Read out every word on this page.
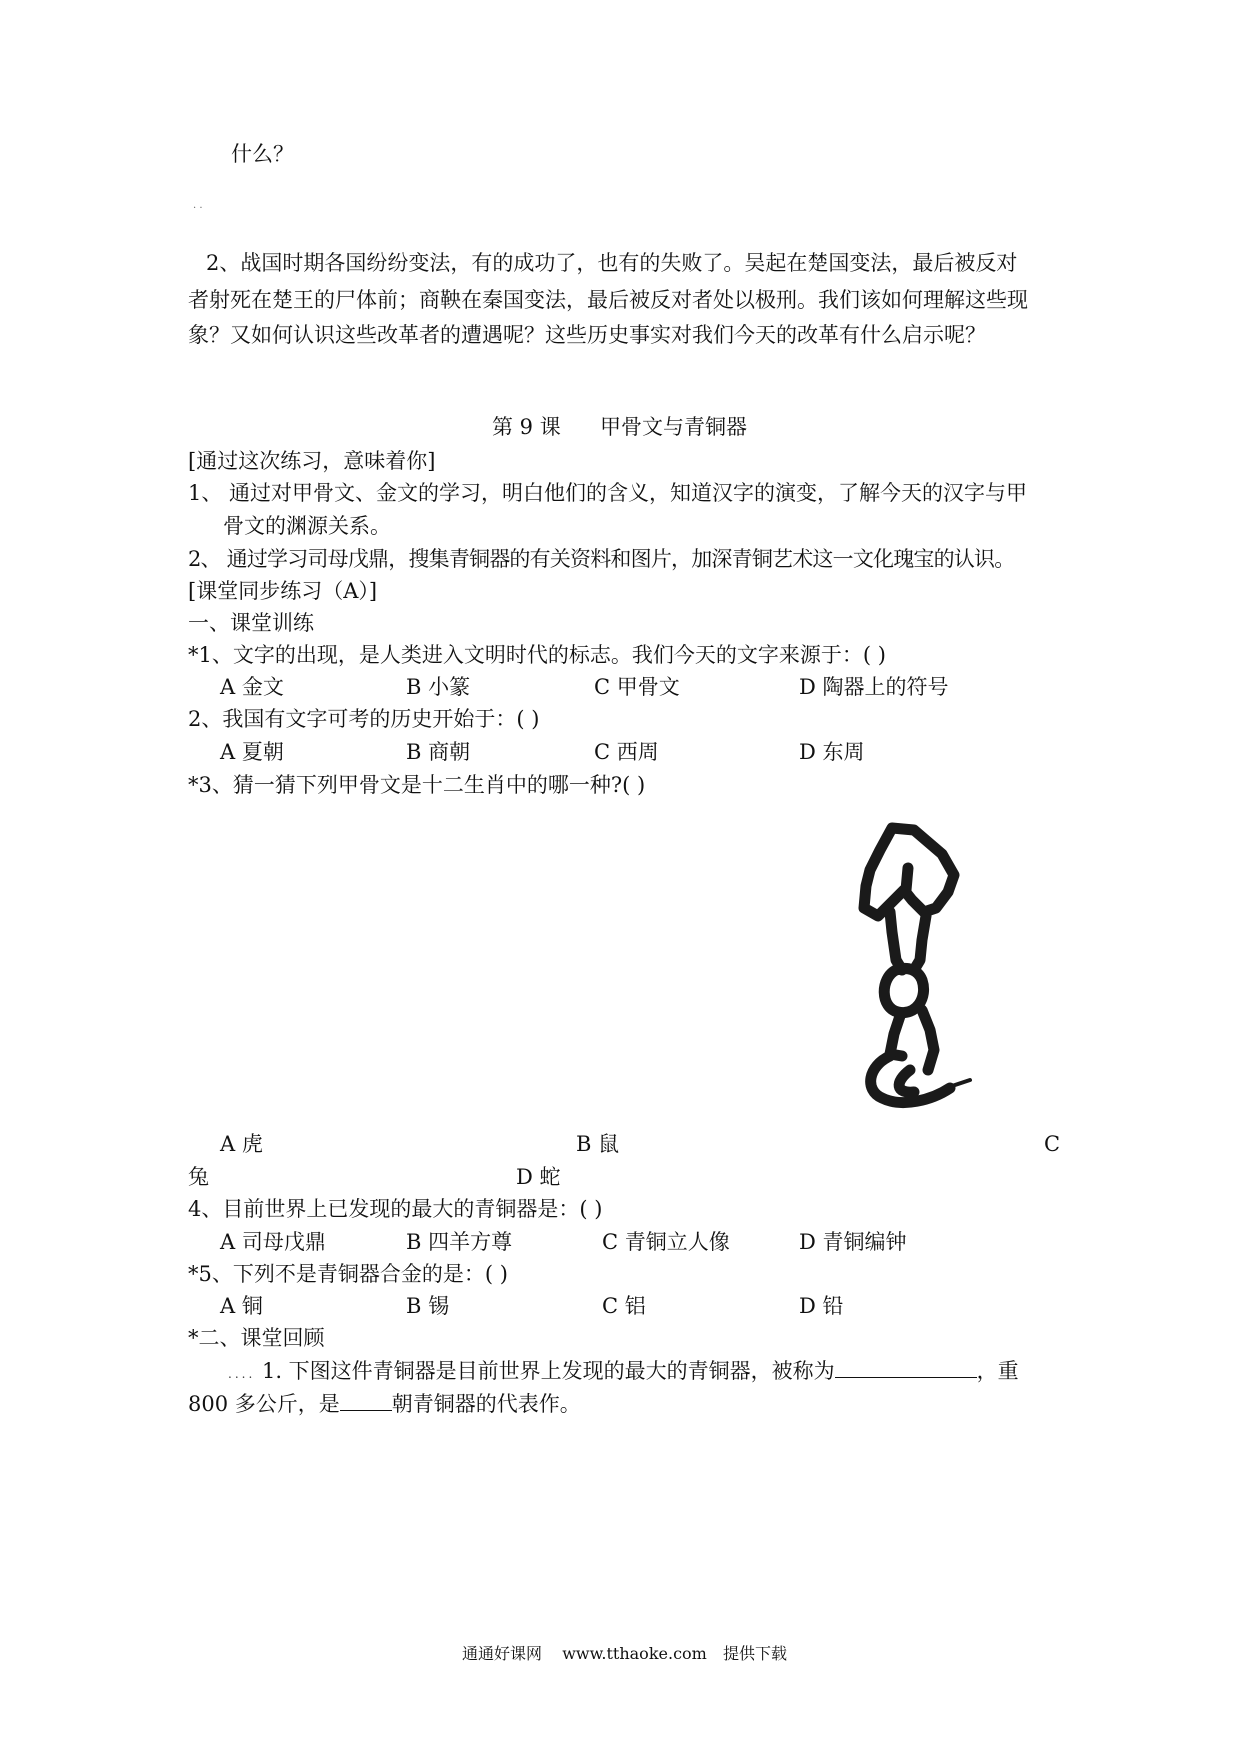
什么？
. .
2、战国时期各国纷纷变法，有的成功了，也有的失败了。吴起在楚国变法，最后被反对
者射死在楚王的尸体前；商鞅在秦国变法，最后被反对者处以极刑。我们该如何理解这些现
象？又如何认识这些改革者的遭遇呢？这些历史事实对我们今天的改革有什么启示呢？
第 9 课 甲骨文与青铜器
[通过这次练习，意味着你]
1、 通过对甲骨文、金文的学习，明白他们的含义，知道汉字的演变，了解今天的汉字与甲
骨文的渊源关系。
2、 通过学习司母戊鼎，搜集青铜器的有关资料和图片，加深青铜艺术这一文化瑰宝的认识。
[课堂同步练习（A）]
一、课堂训练
*1、文字的出现，是人类进入文明时代的标志。我们今天的文字来源于：( )
A 金文	B 小篆	C 甲骨文	D 陶器上的符号
2、我国有文字可考的历史开始于：( )
A 夏朝	B 商朝	C 西周	D 东周
*3、猜一猜下列甲骨文是十二生肖中的哪一种?( )
A 虎	B 鼠	C
兔	D 蛇
4、目前世界上已发现的最大的青铜器是：( )
A 司母戊鼎	B 四羊方尊	C 青铜立人像	D 青铜编钟
*5、下列不是青铜器合金的是：( )
A 铜	B 锡	C 铝	D 铅
*二、课堂回顾
.... 1. 下图这件青铜器是目前世界上发现的最大的青铜器，被称为	，重
800 多公斤，是 朝青铜器的代表作。
通通好课网 www.tthaoke.com 提供下载
